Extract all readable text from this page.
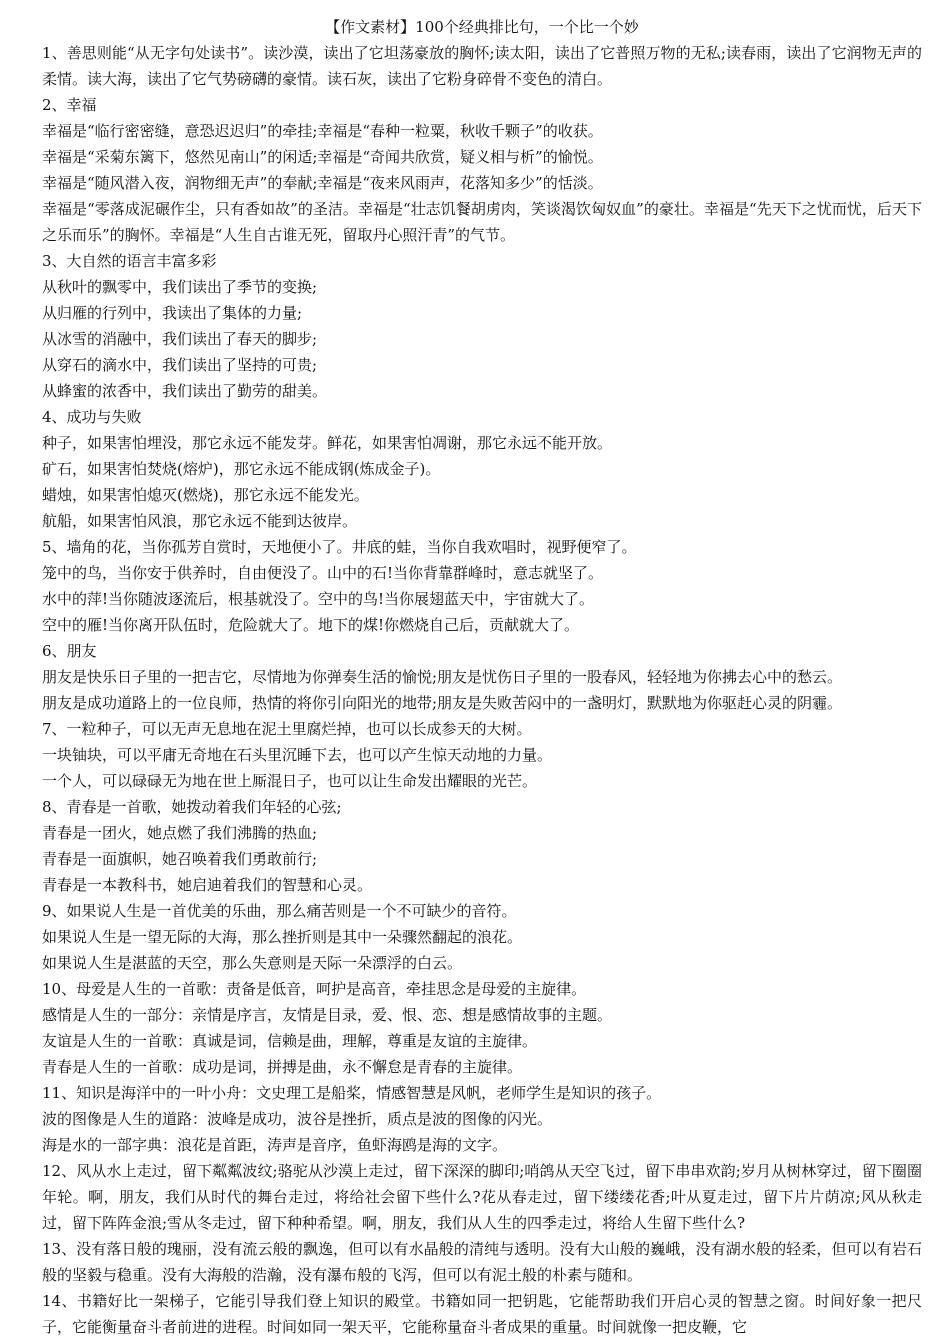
【作文素材】100个经典排比句，一个比一个妙

1、善思则能“从无字句处读书”。读沙漠，读出了它坦荡豪放的胸怀;读太阳，读出了它普照万物的无私;读春雨，读出了它润物无声的柔情。读大海，读出了它气势磅礴的豪情。读石灰，读出了它粉身碎骨不变色的清白。

2、幸福

幸福是“临行密密缝，意恐迟迟归”的牵挂;幸福是“春种一粒粟，秋收千颗子”的收获。

幸福是“采菊东篱下，悠然见南山”的闲适;幸福是“奇闻共欣赏，疑义相与析”的愉悦。

幸福是“随风潜入夜，润物细无声”的奉献;幸福是“夜来风雨声，花落知多少”的恬淡。

幸福是“零落成泥碾作尘，只有香如故”的圣洁。幸福是“壮志饥餐胡虏肉，笑谈渴饮匈奴血”的豪壮。幸福是“先天下之忧而忧，后天下之乐而乐”的胸怀。幸福是“人生自古谁无死，留取丹心照汗青”的气节。

3、大自然的语言丰富多彩

从秋叶的飘零中，我们读出了季节的变换;

从归雁的行列中，我读出了集体的力量;

从冰雪的消融中，我们读出了春天的脚步;

从穿石的滴水中，我们读出了坚持的可贵;

从蜂蜜的浓香中，我们读出了勤劳的甜美。

4、成功与失败

种子，如果害怕埋没，那它永远不能发芽。鲜花，如果害怕凋谢，那它永远不能开放。

矿石，如果害怕焚烧(熔炉)，那它永远不能成钢(炼成金子)。

蜡烛，如果害怕熄灭(燃烧)，那它永远不能发光。

航船，如果害怕风浪，那它永远不能到达彼岸。

5、墙角的花，当你孤芳自赏时，天地便小了。井底的蛙，当你自我欢唱时，视野便窄了。

笼中的鸟，当你安于供养时，自由便没了。山中的石!当你背靠群峰时，意志就坚了。

水中的萍!当你随波逐流后，根基就没了。空中的鸟!当你展翅蓝天中，宇宙就大了。

空中的雁!当你离开队伍时，危险就大了。地下的煤!你燃烧自己后，贡献就大了。

6、朋友

朋友是快乐日子里的一把吉它，尽情地为你弹奏生活的愉悦;朋友是忧伤日子里的一股春风，轻轻地为你拂去心中的愁云。

朋友是成功道路上的一位良师，热情的将你引向阳光的地带;朋友是失败苦闷中的一盏明灯，默默地为你驱赶心灵的阴霾。

7、一粒种子，可以无声无息地在泥土里腐烂掉，也可以长成参天的大树。

一块铀块，可以平庸无奇地在石头里沉睡下去，也可以产生惊天动地的力量。

一个人，可以碌碌无为地在世上厮混日子，也可以让生命发出耀眼的光芒。

8、青春是一首歌，她拨动着我们年轻的心弦;

青春是一团火，她点燃了我们沸腾的热血;

青春是一面旗帜，她召唤着我们勇敢前行;

青春是一本教科书，她启迪着我们的智慧和心灵。

9、如果说人生是一首优美的乐曲，那么痛苦则是一个不可缺少的音符。

如果说人生是一望无际的大海，那么挫折则是其中一朵骤然翻起的浪花。

如果说人生是湛蓝的天空，那么失意则是天际一朵漂浮的白云。

10、母爱是人生的一首歌：责备是低音，呵护是高音，牵挂思念是母爱的主旋律。

感情是人生的一部分：亲情是序言，友情是目录，爱、恨、恋、想是感情故事的主题。

友谊是人生的一首歌：真诚是词，信赖是曲，理解，尊重是友谊的主旋律。

青春是人生的一首歌：成功是词，拼搏是曲，永不懈怠是青春的主旋律。

11、知识是海洋中的一叶小舟：文史理工是船桨，情感智慧是风帆，老师学生是知识的孩子。

波的图像是人生的道路：波峰是成功，波谷是挫折，质点是波的图像的闪光。

海是水的一部字典：浪花是首距，涛声是音序，鱼虾海鸥是海的文字。

12、风从水上走过，留下粼粼波纹;骆驼从沙漠上走过，留下深深的脚印;哨鸽从天空飞过，留下串串欢韵;岁月从树林穿过，留下圈圈年轮。啊，朋友，我们从时代的舞台走过，将给社会留下些什么?花从春走过，留下缕缕花香;叶从夏走过，留下片片荫凉;风从秋走过，留下阵阵金浪;雪从冬走过，留下种种希望。啊，朋友，我们从人生的四季走过，将给人生留下些什么?

13、没有落日般的瑰丽，没有流云般的飘逸，但可以有水晶般的清纯与透明。没有大山般的巍峨，没有湖水般的轻柔，但可以有岩石般的坚毅与稳重。没有大海般的浩瀚，没有瀑布般的飞泻，但可以有泥土般的朴素与随和。

14、书籍好比一架梯子，它能引导我们登上知识的殿堂。书籍如同一把钥匙，它能帮助我们开启心灵的智慧之窗。时间好象一把尺子，它能衡量奋斗者前进的进程。时间如同一架天平，它能称量奋斗者成果的重量。时间就像一把皮鞭，它
